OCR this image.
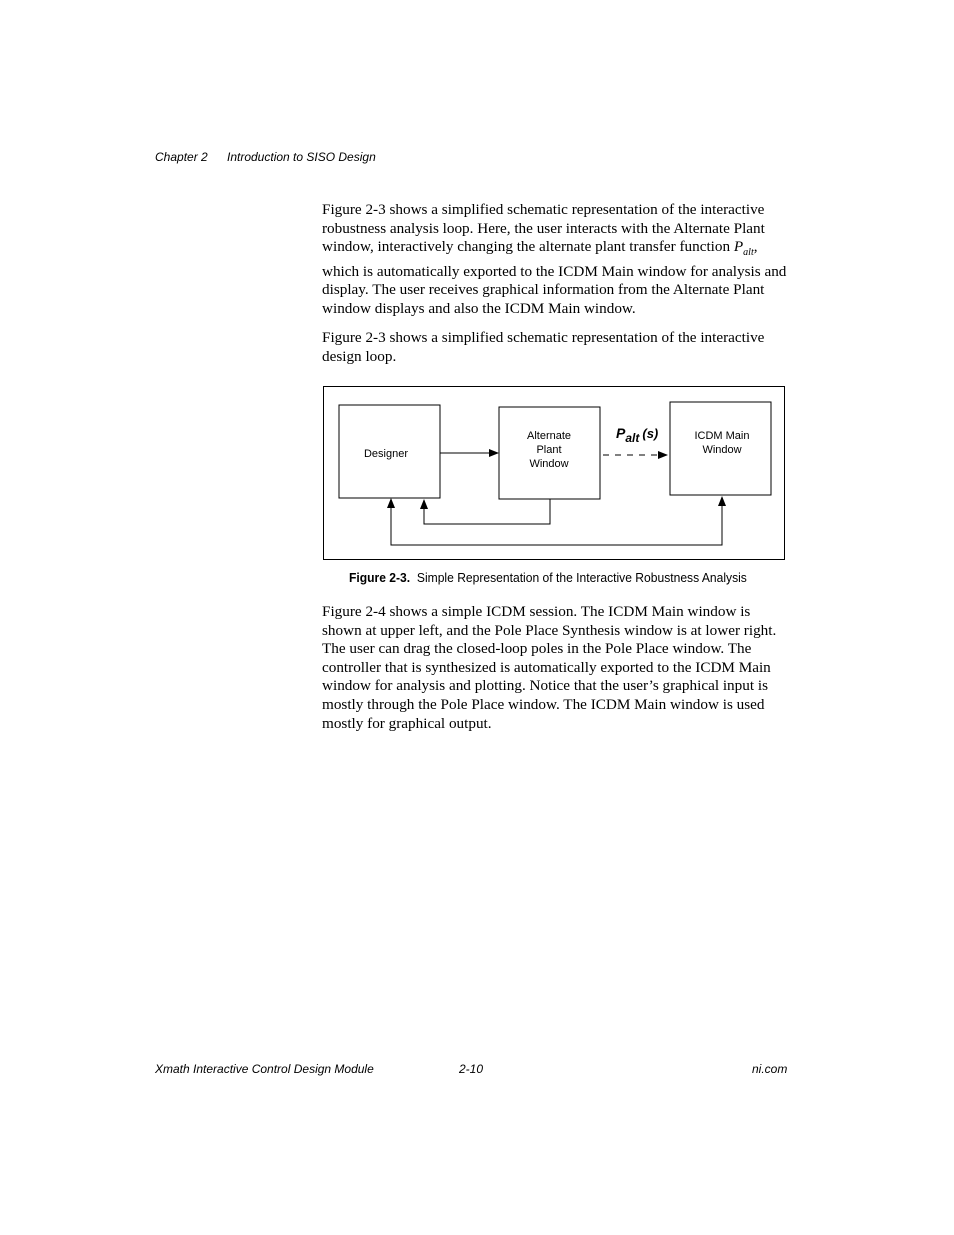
Chapter 2 Introduction to SISO Design

Figure 2-3 shows a simplified schematic representation of the interactive robustness analysis loop. Here, the user interacts with the Alternate Plant window, interactively changing the alternate plant transfer function $P_{alt}$, which is automatically exported to the ICDM Main window for analysis and display. The user receives graphical information from the Alternate Plant window displays and also the ICDM Main window.

Figure 2-3 shows a simplified schematic representation of the interactive design loop.

Designer
Alternate
Plant
Window
ICDM Main
Window
$P_{alt}$ $^{(s)}$
Figure 2-3. Simple Representation of the Interactive Robustness Analysis

Figure 2-4 shows a simple ICDM session. The ICDM Main window is shown at upper left, and the Pole Place Synthesis window is at lower right. The user can drag the closed-loop poles in the Pole Place window. The controller that is synthesized is automatically exported to the ICDM Main window for analysis and plotting. Notice that the user’s graphical input is mostly through the Pole Place window. The ICDM Main window is used mostly for graphical output.

Xmath Interactive Control Design Module	2-10	ni.com
